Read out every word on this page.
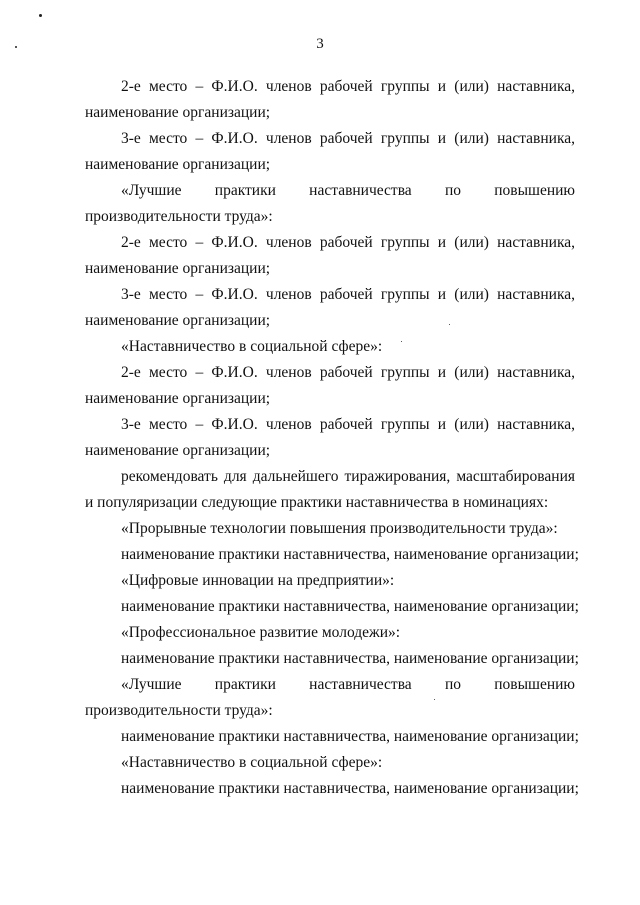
3

2-е место – Ф.И.О. членов рабочей группы и (или) наставника, наименование организации;

3-е место – Ф.И.О. членов рабочей группы и (или) наставника, наименование организации;

«Лучшие практики наставничества по повышению производительности труда»:

2-е место – Ф.И.О. членов рабочей группы и (или) наставника, наименование организации;

3-е место – Ф.И.О. членов рабочей группы и (или) наставника, наименование организации;

«Наставничество в социальной сфере»:

2-е место – Ф.И.О. членов рабочей группы и (или) наставника, наименование организации;

3-е место – Ф.И.О. членов рабочей группы и (или) наставника, наименование организации;

рекомендовать для дальнейшего тиражирования, масштабирования и популяризации следующие практики наставничества в номинациях:

«Прорывные технологии повышения производительности труда»:

наименование практики наставничества, наименование организации;

«Цифровые инновации на предприятии»:

наименование практики наставничества, наименование организации;

«Профессиональное развитие молодежи»:

наименование практики наставничества, наименование организации;

«Лучшие практики наставничества по повышению производительности труда»:

наименование практики наставничества, наименование организации;

«Наставничество в социальной сфере»:

наименование практики наставничества, наименование организации;
